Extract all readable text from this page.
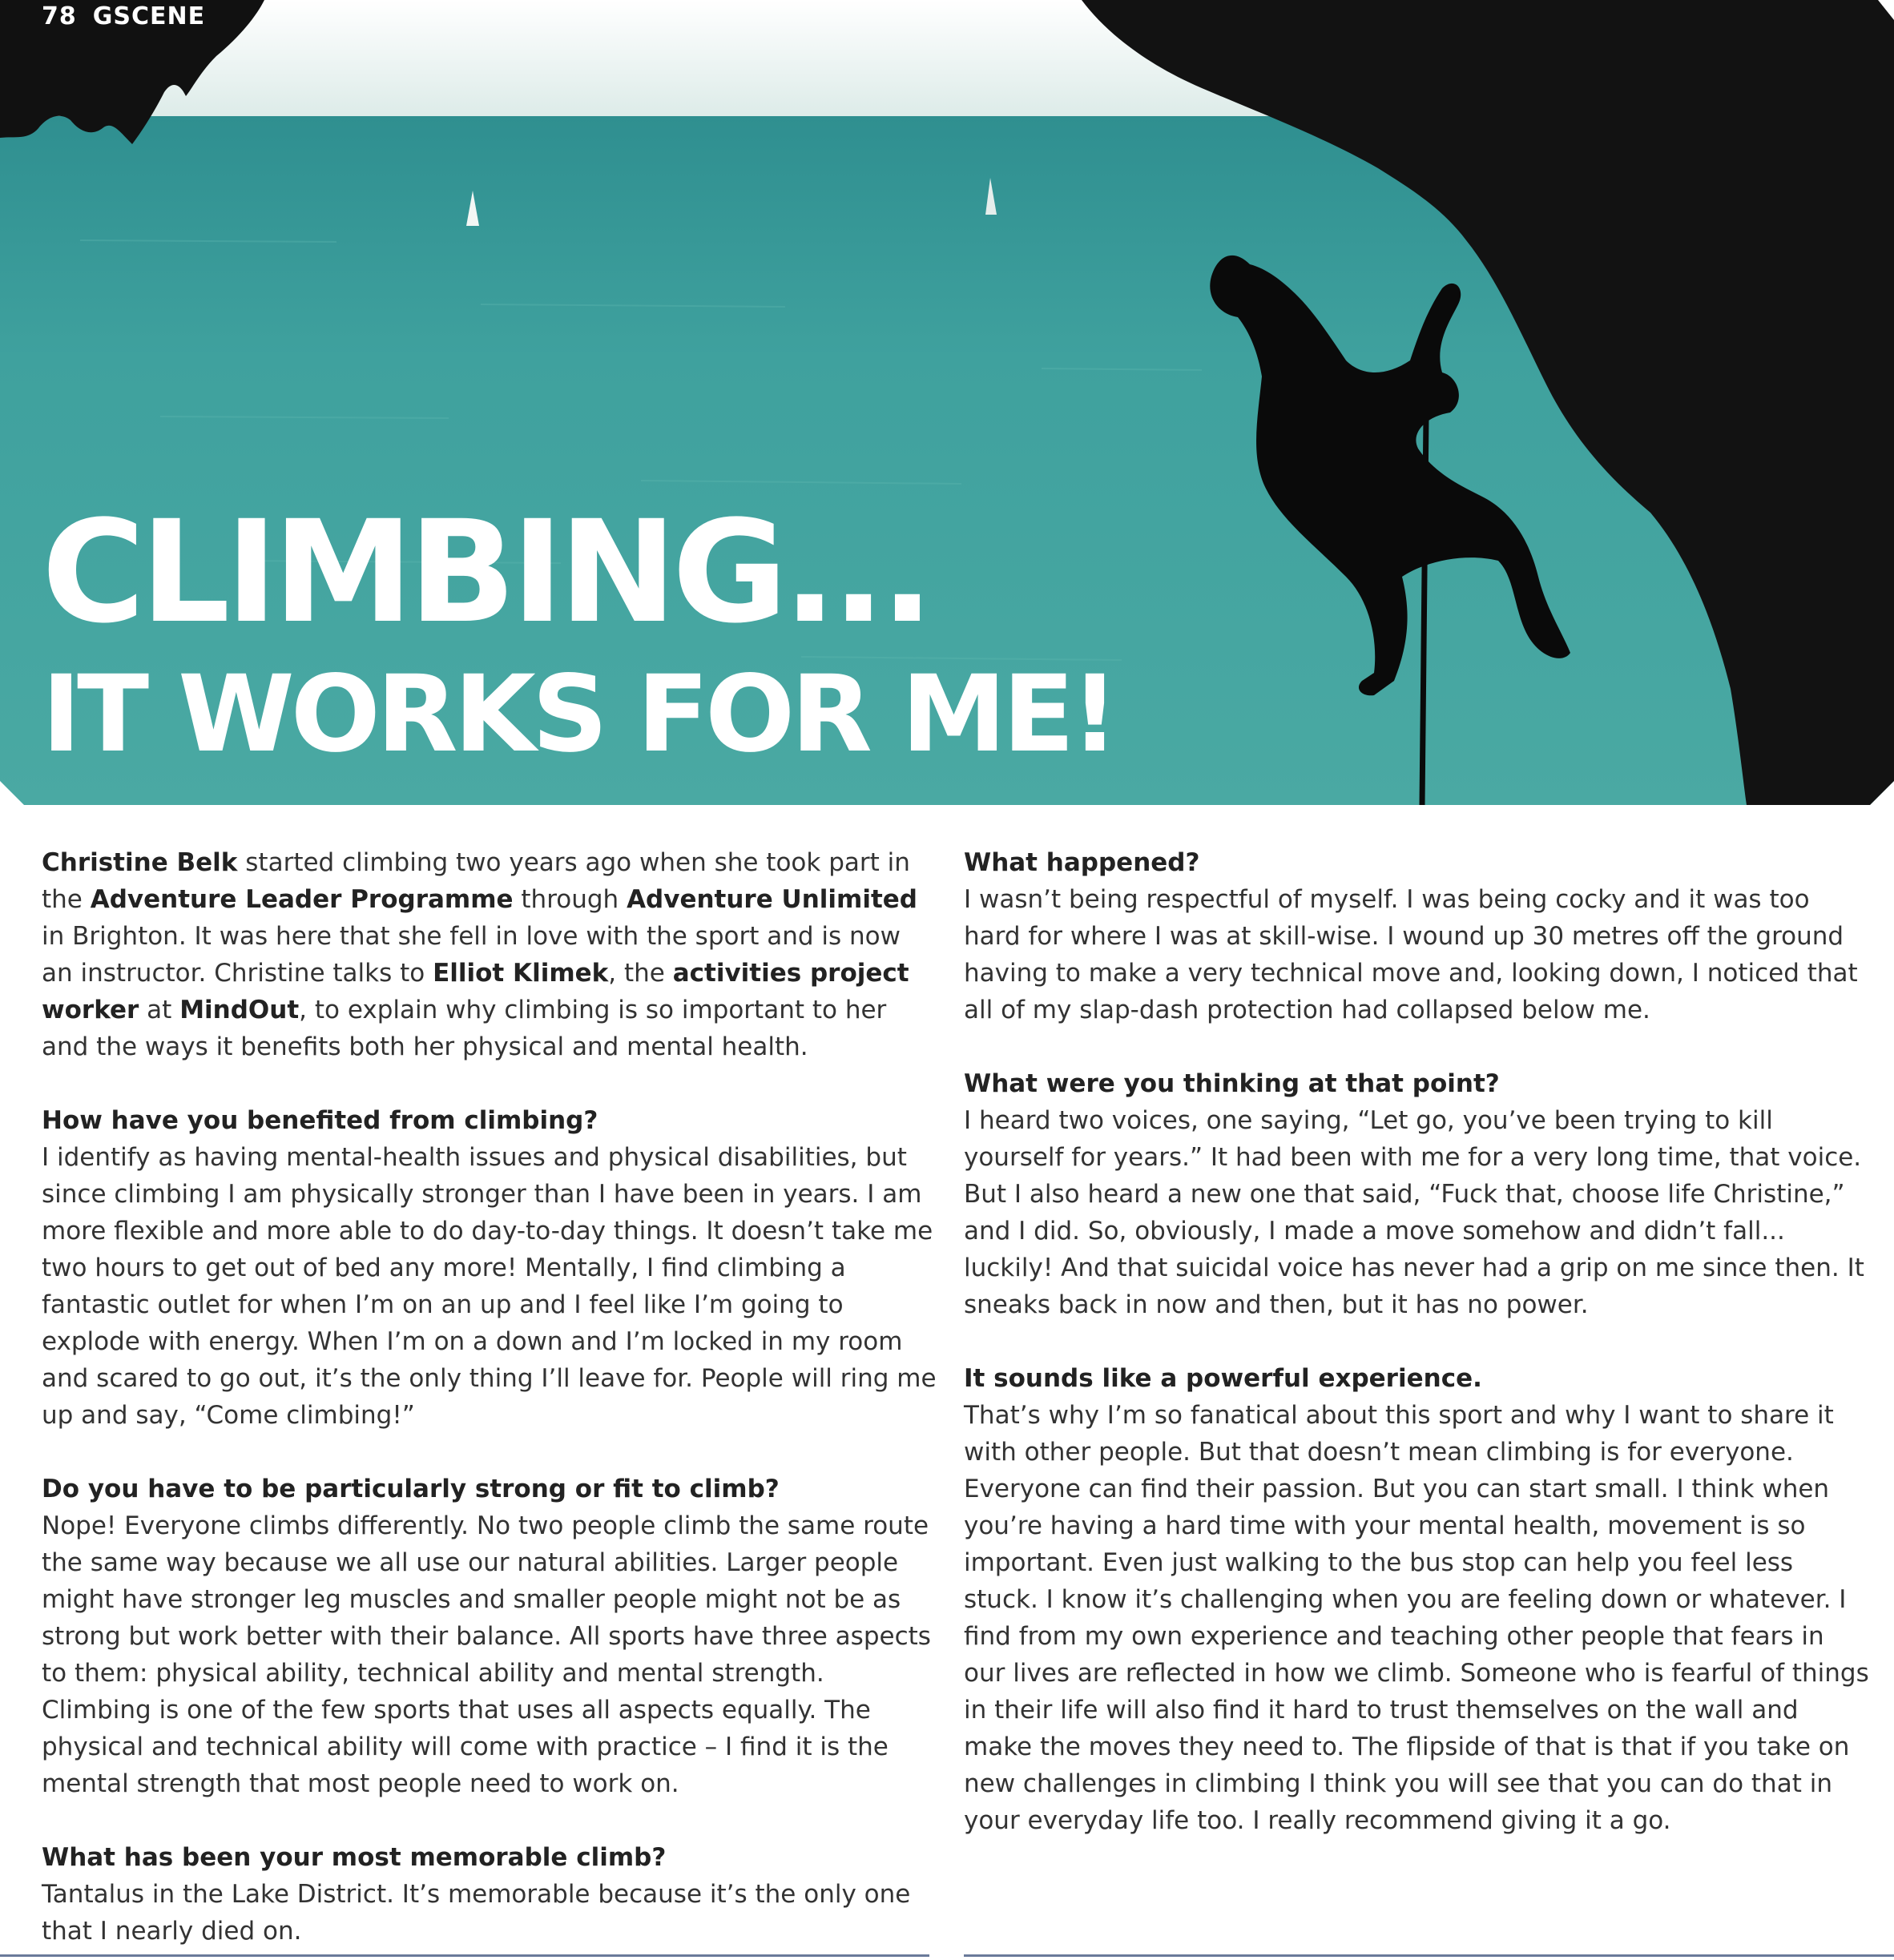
78 GSCENE
CLIMBING...
IT WORKS FOR ME!

Christine Belk started climbing two years ago when she took part in the Adventure Leader Programme through Adventure Unlimited in Brighton. It was here that she fell in love with the sport and is now an instructor. Christine talks to Elliot Klimek, the activities project worker at MindOut, to explain why climbing is so important to her and the ways it benefits both her physical and mental health.

How have you benefited from climbing?
I identify as having mental-health issues and physical disabilities, but since climbing I am physically stronger than I have been in years. I am more flexible and more able to do day-to-day things. It doesn’t take me two hours to get out of bed any more! Mentally, I find climbing a fantastic outlet for when I’m on an up and I feel like I’m going to explode with energy. When I’m on a down and I’m locked in my room and scared to go out, it’s the only thing I’ll leave for. People will ring me up and say, “Come climbing!”

Do you have to be particularly strong or fit to climb?
Nope! Everyone climbs differently. No two people climb the same route the same way because we all use our natural abilities. Larger people might have stronger leg muscles and smaller people might not be as strong but work better with their balance. All sports have three aspects to them: physical ability, technical ability and mental strength. Climbing is one of the few sports that uses all aspects equally. The physical and technical ability will come with practice – I find it is the mental strength that most people need to work on.

What has been your most memorable climb?
Tantalus in the Lake District. It’s memorable because it’s the only one that I nearly died on.

What happened?
I wasn’t being respectful of myself. I was being cocky and it was too hard for where I was at skill-wise. I wound up 30 metres off the ground having to make a very technical move and, looking down, I noticed that all of my slap-dash protection had collapsed below me.

What were you thinking at that point?
I heard two voices, one saying, “Let go, you’ve been trying to kill yourself for years.” It had been with me for a very long time, that voice. But I also heard a new one that said, “Fuck that, choose life Christine,” and I did. So, obviously, I made a move somehow and didn’t fall... luckily! And that suicidal voice has never had a grip on me since then. It sneaks back in now and then, but it has no power.

It sounds like a powerful experience.
That’s why I’m so fanatical about this sport and why I want to share it with other people. But that doesn’t mean climbing is for everyone. Everyone can find their passion. But you can start small. I think when you’re having a hard time with your mental health, movement is so important. Even just walking to the bus stop can help you feel less stuck. I know it’s challenging when you are feeling down or whatever. I find from my own experience and teaching other people that fears in our lives are reflected in how we climb. Someone who is fearful of things in their life will also find it hard to trust themselves on the wall and make the moves they need to. The flipside of that is that if you take on new challenges in climbing I think you will see that you can do that in your everyday life too. I really recommend giving it a go.
